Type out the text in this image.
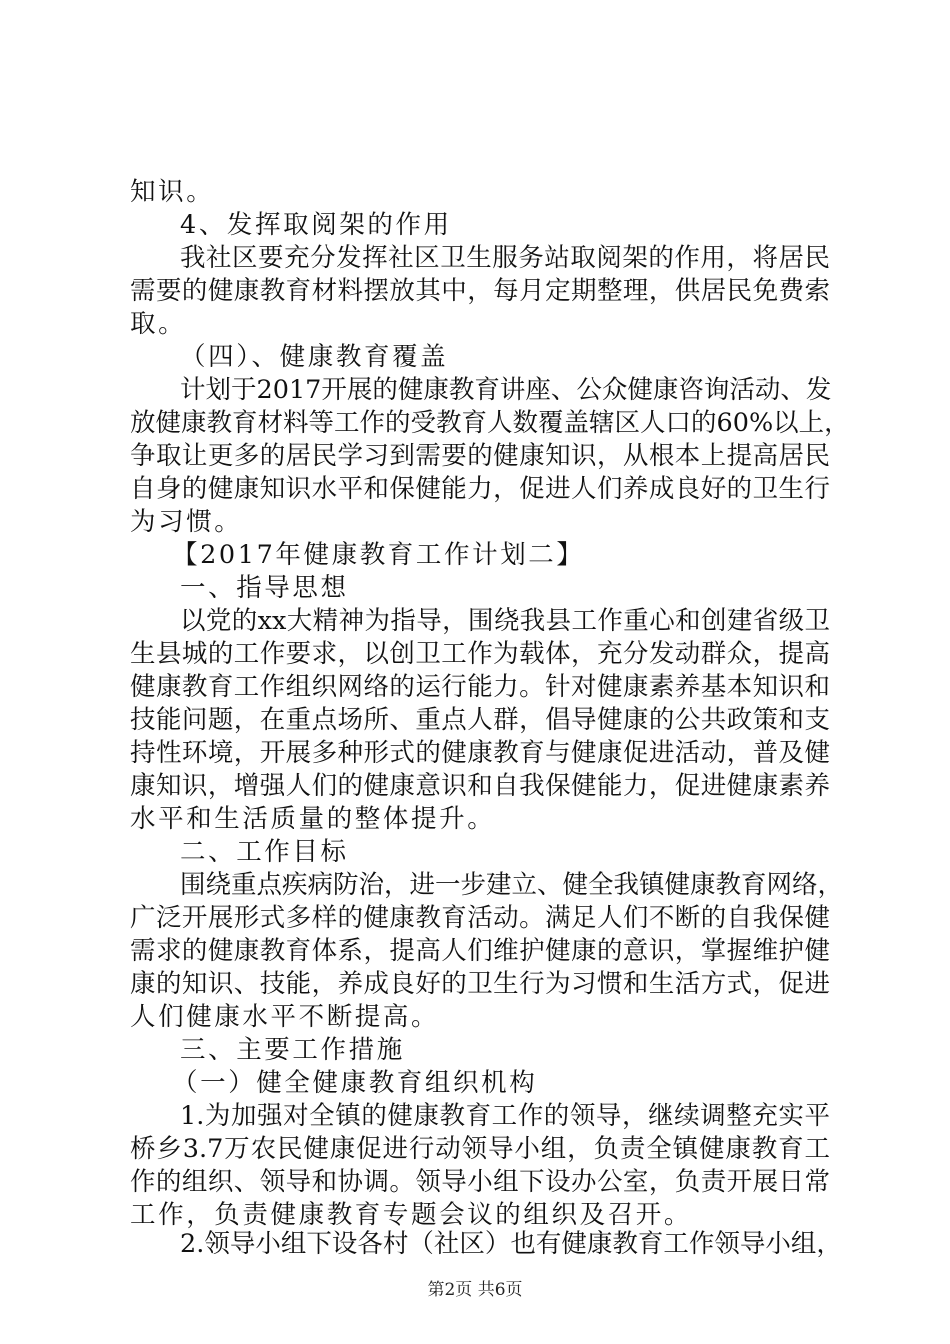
知识。
4、发挥取阅架的作用
我社区要充分发挥社区卫生服务站取阅架的作用，将居民
需要的健康教育材料摆放其中，每月定期整理，供居民免费索
取。
（四）、健康教育覆盖
计划于2017开展的健康教育讲座、公众健康咨询活动、发
放健康教育材料等工作的受教育人数覆盖辖区人口的60%以上，
争取让更多的居民学习到需要的健康知识，从根本上提高居民
自身的健康知识水平和保健能力，促进人们养成良好的卫生行
为习惯。
【2017年健康教育工作计划二】
一、指导思想
以党的xx大精神为指导，围绕我县工作重心和创建省级卫
生县城的工作要求，以创卫工作为载体，充分发动群众，提高
健康教育工作组织网络的运行能力。针对健康素养基本知识和
技能问题，在重点场所、重点人群，倡导健康的公共政策和支
持性环境，开展多种形式的健康教育与健康促进活动，普及健
康知识，增强人们的健康意识和自我保健能力，促进健康素养
水平和生活质量的整体提升。
二、工作目标
围绕重点疾病防治，进一步建立、健全我镇健康教育网络，
广泛开展形式多样的健康教育活动。满足人们不断的自我保健
需求的健康教育体系，提高人们维护健康的意识，掌握维护健
康的知识、技能，养成良好的卫生行为习惯和生活方式，促进
人们健康水平不断提高。
三、主要工作措施
（一）健全健康教育组织机构
1.为加强对全镇的健康教育工作的领导，继续调整充实平
桥乡3.7万农民健康促进行动领导小组，负责全镇健康教育工
作的组织、领导和协调。领导小组下设办公室，负责开展日常
工作，负责健康教育专题会议的组织及召开。
2.领导小组下设各村（社区）也有健康教育工作领导小组，
第2页 共6页
